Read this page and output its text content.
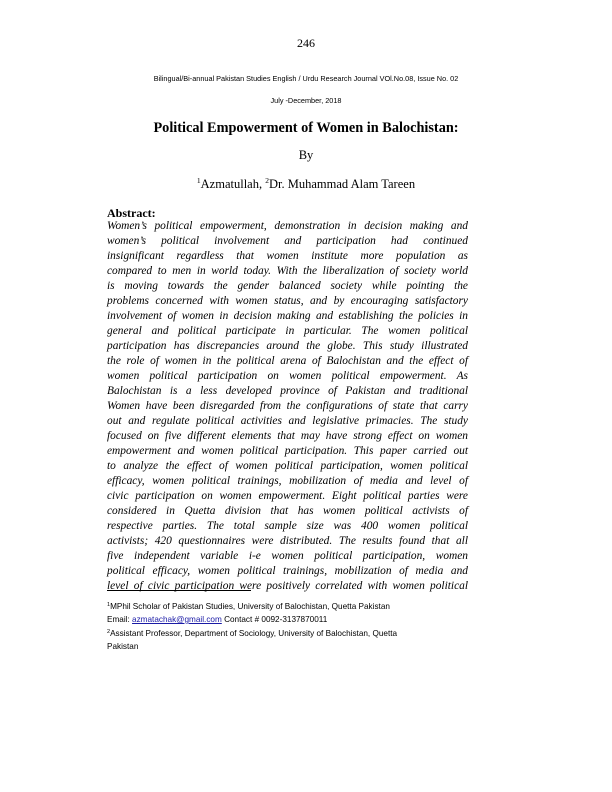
246
Bilingual/Bi-annual Pakistan Studies English / Urdu Research Journal VOl.No.08, Issue No. 02
July -December, 2018
Political Empowerment of Women in Balochistan:
By
$^1$Azmatullah, $^2$Dr. Muhammad Alam Tareen
Abstract:
Women’s political empowerment, demonstration in decision making and
women’s political involvement and participation had continued
insignificant regardless that women institute more population as
compared to men in world today. With the liberalization of society world
is moving towards the gender balanced society while pointing the
problems concerned with women status, and by encouraging satisfactory
involvement of women in decision making and establishing the policies in
general and political participate in particular. The women political
participation has discrepancies around the globe. This study illustrated
the role of women in the political arena of Balochistan and the effect of
women political participation on women political empowerment. As
Balochistan is a less developed province of Pakistan and traditional
Women have been disregarded from the configurations of state that carry
out and regulate political activities and legislative primacies. The study
focused on five different elements that may have strong effect on women
empowerment and women political participation. This paper carried out
to analyze the effect of women political participation, women political
efficacy, women political trainings, mobilization of media and level of
civic participation on women empowerment. Eight political parties were
considered in Quetta division that has women political activists of
respective parties. The total sample size was 400 women political
activists; 420 questionnaires were distributed. The results found that all
five independent variable i-e women political participation, women
political efficacy, women political trainings, mobilization of media and
level of civic participation were positively correlated with women political
$^1$MPhil Scholar of Pakistan Studies, University of Balochistan, Quetta Pakistan
Email: azmatachak@gmail.com Contact # 0092-3137870011
$^2$Assistant Professor, Department of Sociology, University of Balochistan, Quetta
Pakistan
